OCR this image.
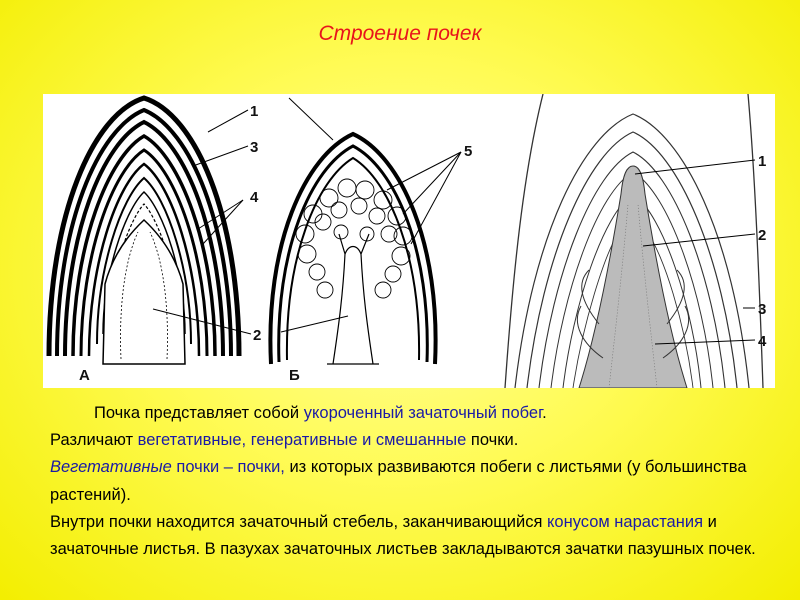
Строение почек
1
3
4
2
А
5
Б
1
2
3
4

Почка представляет собой укороченный зачаточный побег.

Различают вегетативные, генеративные и смешанные почки.

Вегетативные почки – почки, из которых развиваются побеги с листьями (у большинства растений).

Внутри почки находится зачаточный стебель, заканчивающийся конусом нарастания и зачаточные листья. В пазухах зачаточных листьев закладываются зачатки пазушных почек.
